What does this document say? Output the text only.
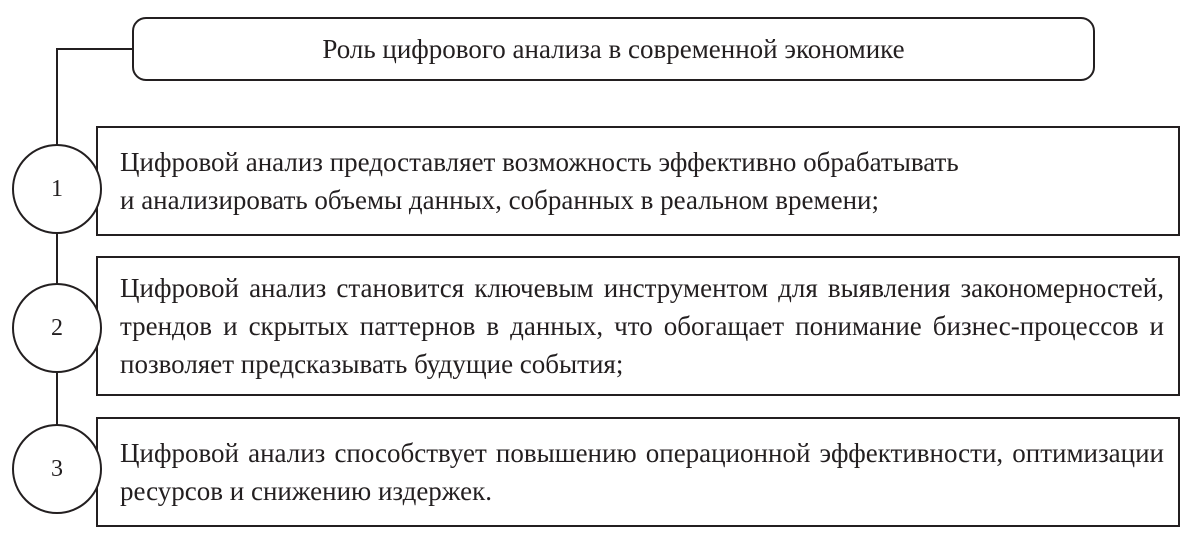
Роль цифрового анализа в современной экономике
Цифровой анализ предоставляет возможность эффективно обрабатывать
и анализировать объемы данных, собранных в реальном времени;
1
Цифровой анализ становится ключевым инструментом для выявления закономерностей, трендов и скрытых паттернов в данных, что обогащает понимание бизнес-процессов и позволяет предсказывать будущие события;
2
Цифровой анализ способствует повышению операционной эффективности, оптимизации ресурсов и снижению издержек.
3
